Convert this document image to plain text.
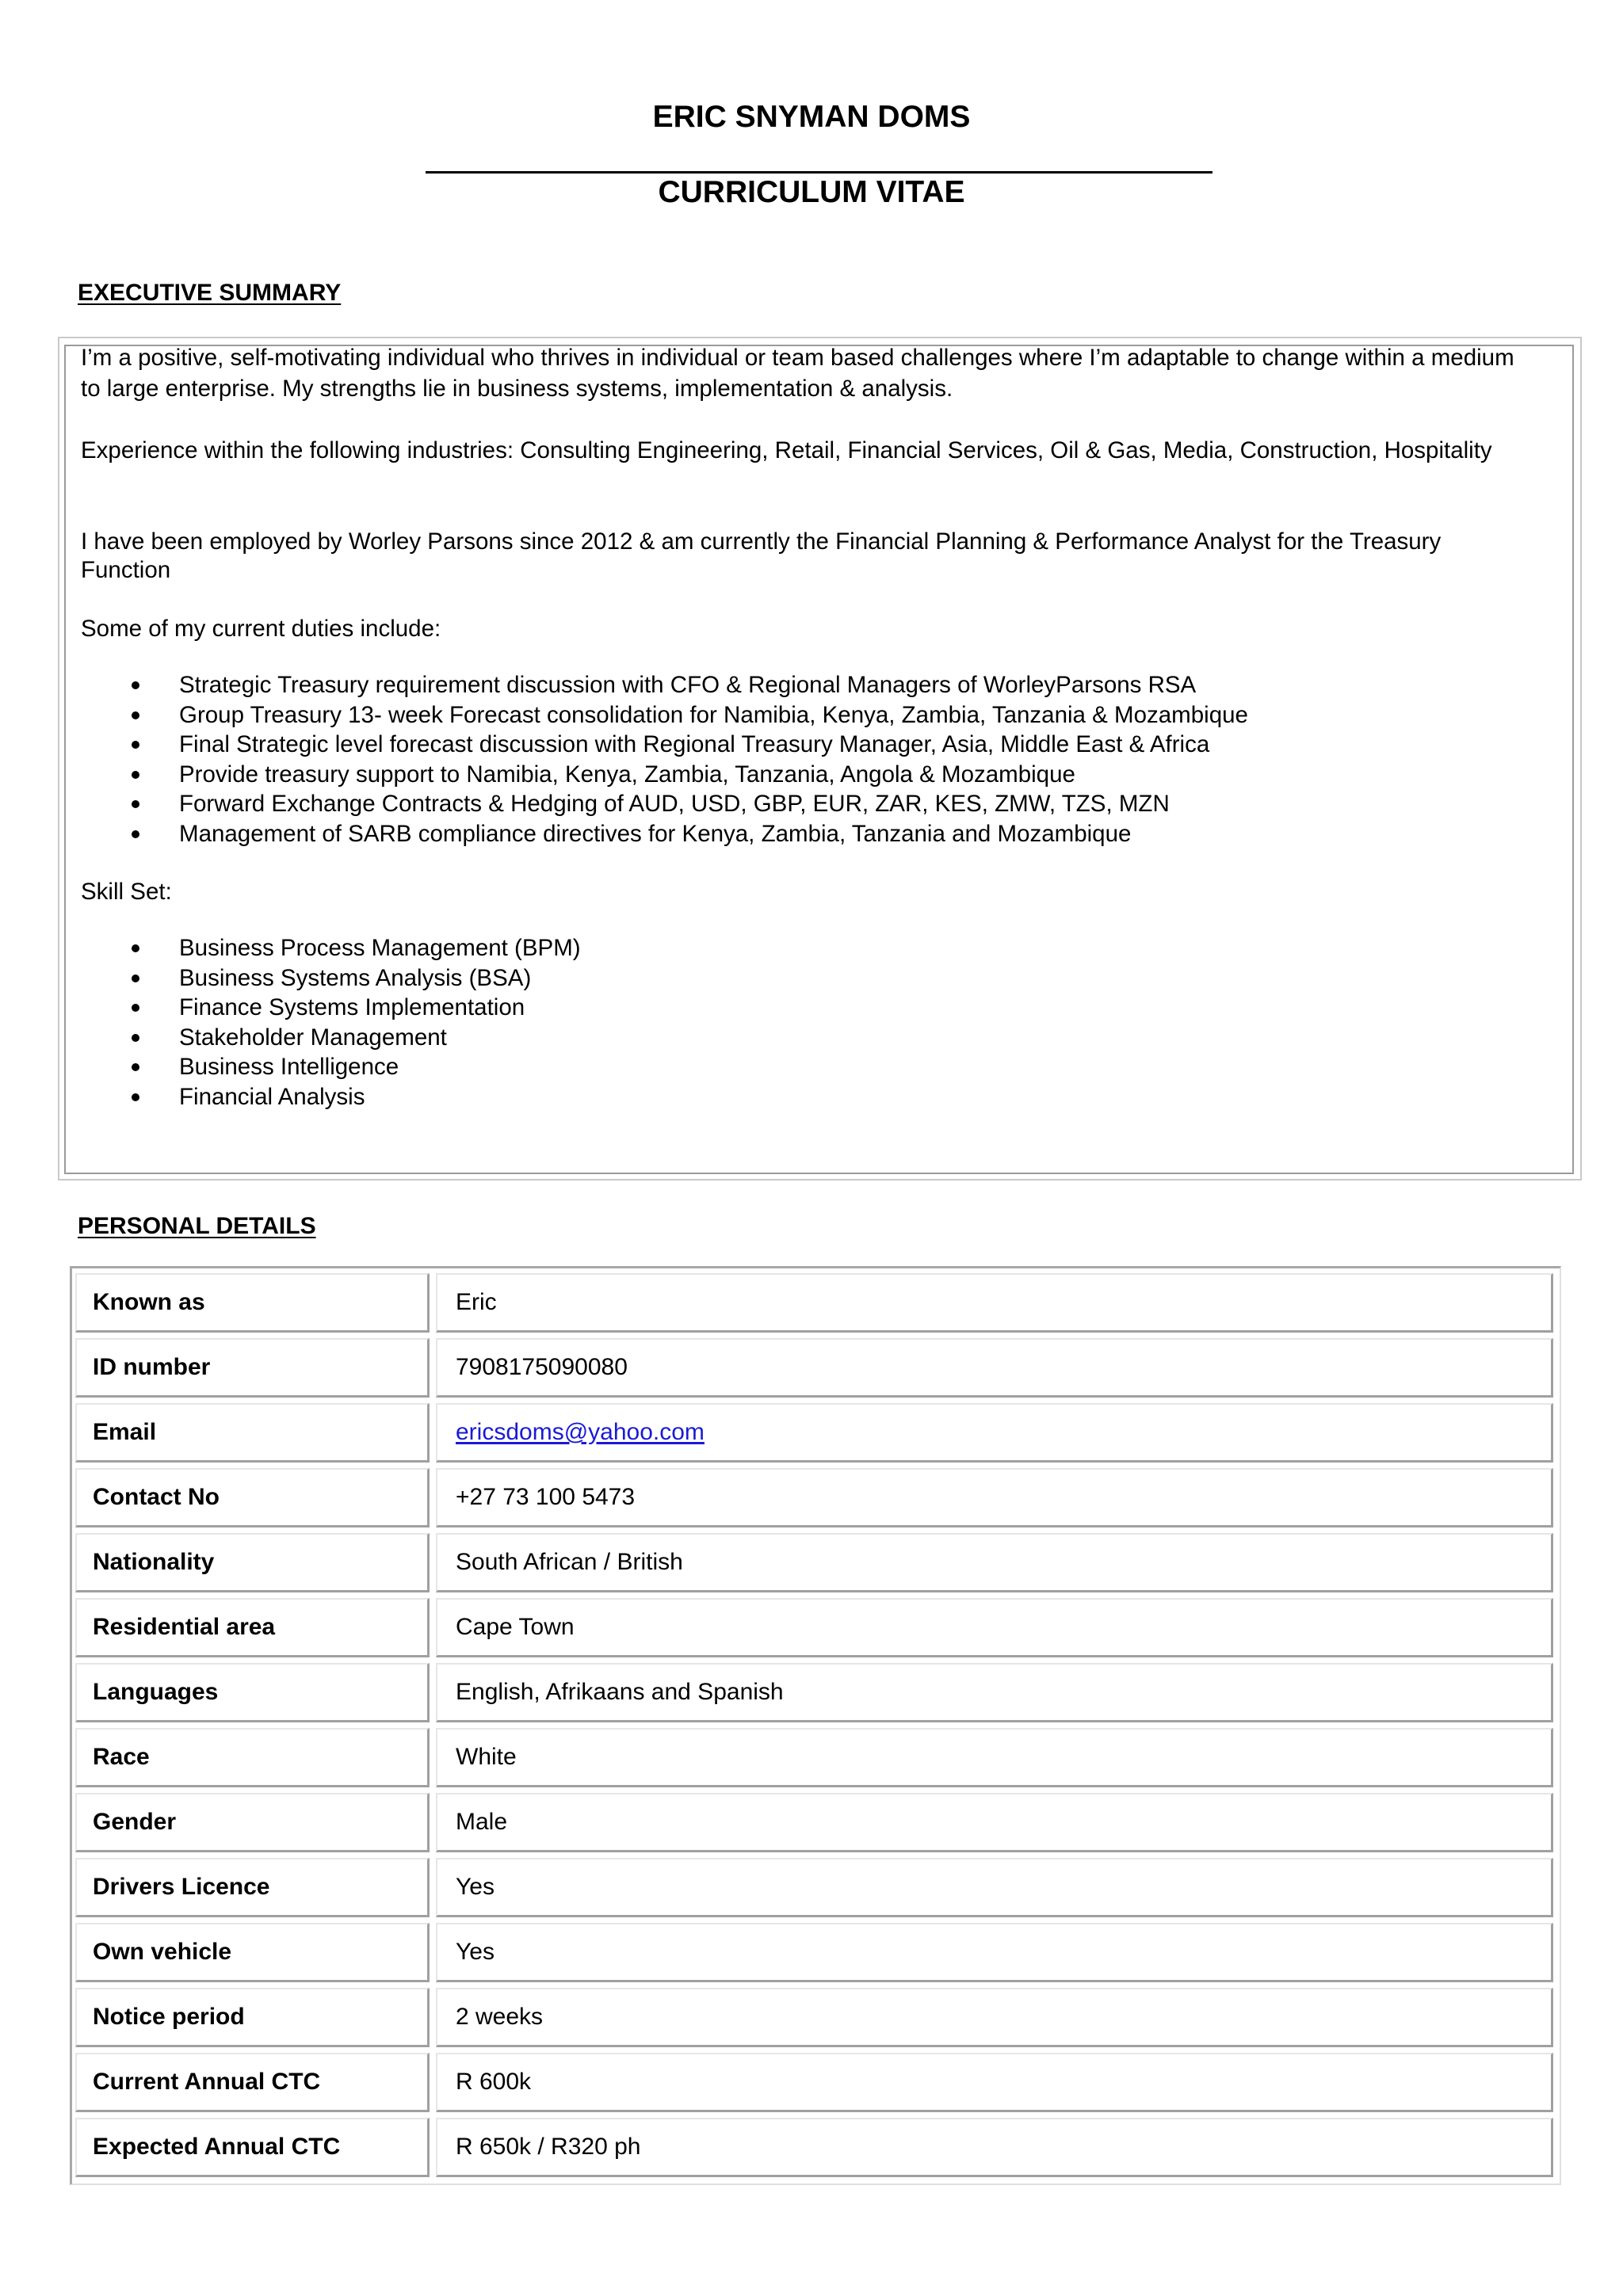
ERIC SNYMAN DOMS
CURRICULUM VITAE
EXECUTIVE SUMMARY

I’m a positive, self-motivating individual who thrives in individual or team based challenges where I’m adaptable to change within a medium to large enterprise. My strengths lie in business systems, implementation & analysis.

Experience within the following industries: Consulting Engineering, Retail, Financial Services, Oil & Gas, Media, Construction, Hospitality

I have been employed by Worley Parsons since 2012 & am currently the Financial Planning & Performance Analyst for the Treasury Function

Some of my current duties include:

Strategic Treasury requirement discussion with CFO & Regional Managers of WorleyParsons RSA
Group Treasury 13- week Forecast consolidation for Namibia, Kenya, Zambia, Tanzania & Mozambique
Final Strategic level forecast discussion with Regional Treasury Manager, Asia, Middle East & Africa
Provide treasury support to Namibia, Kenya, Zambia, Tanzania, Angola & Mozambique
Forward Exchange Contracts & Hedging of AUD, USD, GBP, EUR, ZAR, KES, ZMW, TZS, MZN
Management of SARB compliance directives for Kenya, Zambia, Tanzania and Mozambique

Skill Set:

Business Process Management (BPM)
Business Systems Analysis (BSA)
Finance Systems Implementation
Stakeholder Management
Business Intelligence
Financial Analysis
PERSONAL DETAILS
Known as	Eric
ID number	7908175090080
Email	ericsdoms@yahoo.com
Contact No	+27 73 100 5473
Nationality	South African / British
Residential area	Cape Town
Languages	English, Afrikaans and Spanish
Race	White
Gender	Male
Drivers Licence	Yes
Own vehicle	Yes
Notice period	2 weeks
Current Annual CTC	R 600k
Expected Annual CTC	R 650k / R320 ph
